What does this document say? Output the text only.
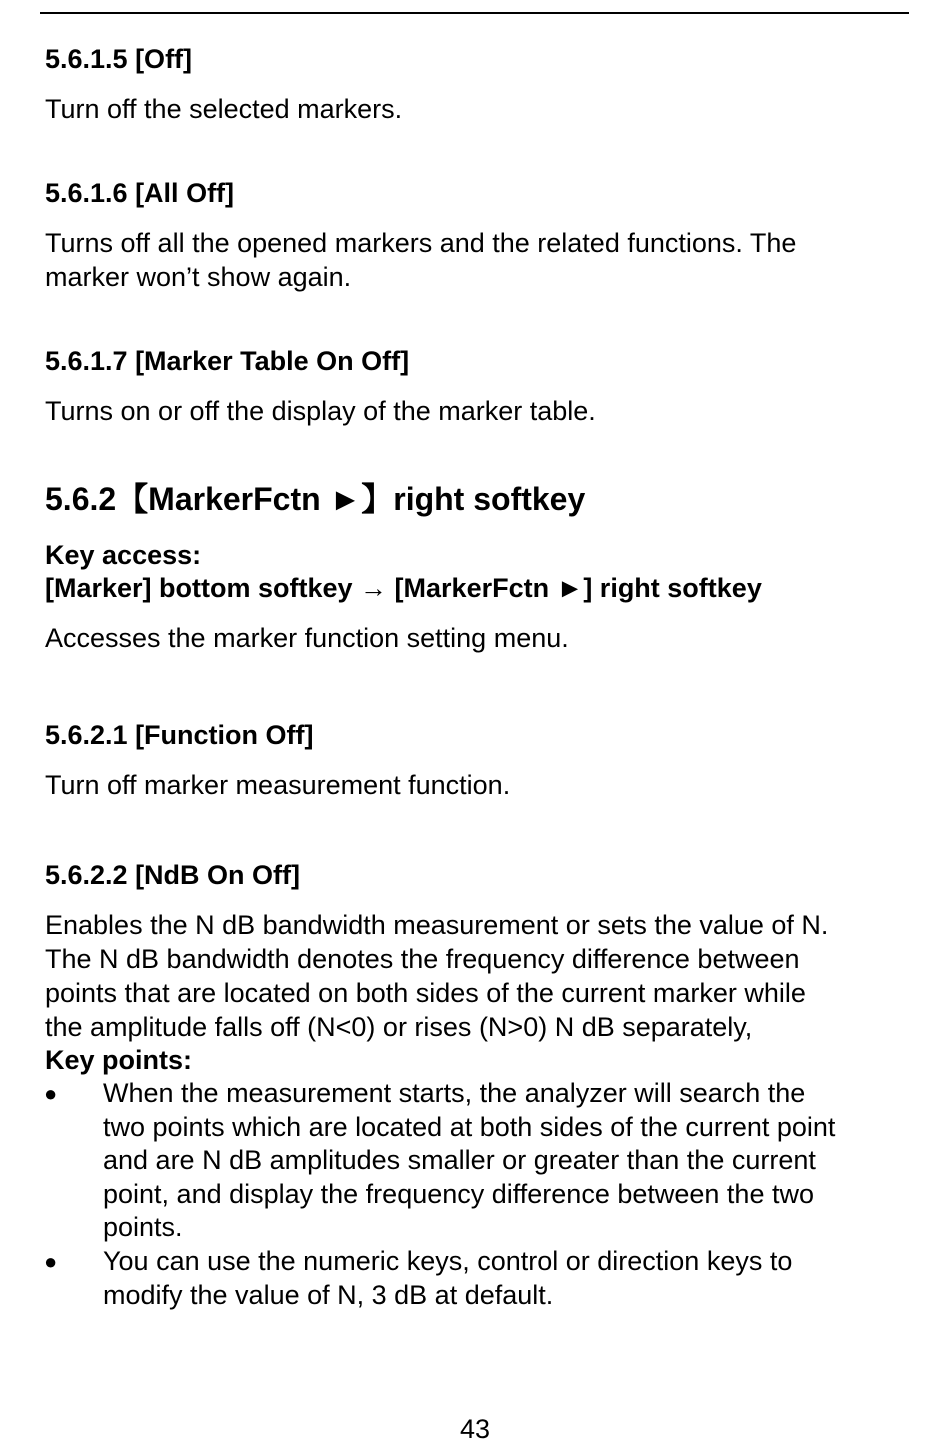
5.6.1.5 [Off]
Turn off the selected markers.
5.6.1.6 [All Off]
Turns off all the opened markers and the related functions. The
marker won’t show again.
5.6.1.7 [Marker Table On Off]
Turns on or off the display of the marker table.
5.6.2【MarkerFctn ►】right softkey
Key access:
[Marker] bottom softkey → [MarkerFctn ►] right softkey
Accesses the marker function setting menu.
5.6.2.1 [Function Off]
Turn off marker measurement function.
5.6.2.2 [NdB On Off]
Enables the N dB bandwidth measurement or sets the value of N.
The N dB bandwidth denotes the frequency difference between
points that are located on both sides of the current marker while
the amplitude falls off (N<0) or rises (N>0) N dB separately,
Key points:
● When the measurement starts, the analyzer will search the
two points which are located at both sides of the current point
and are N dB amplitudes smaller or greater than the current
point, and display the frequency difference between the two
points.
● You can use the numeric keys, control or direction keys to
modify the value of N, 3 dB at default.
43
